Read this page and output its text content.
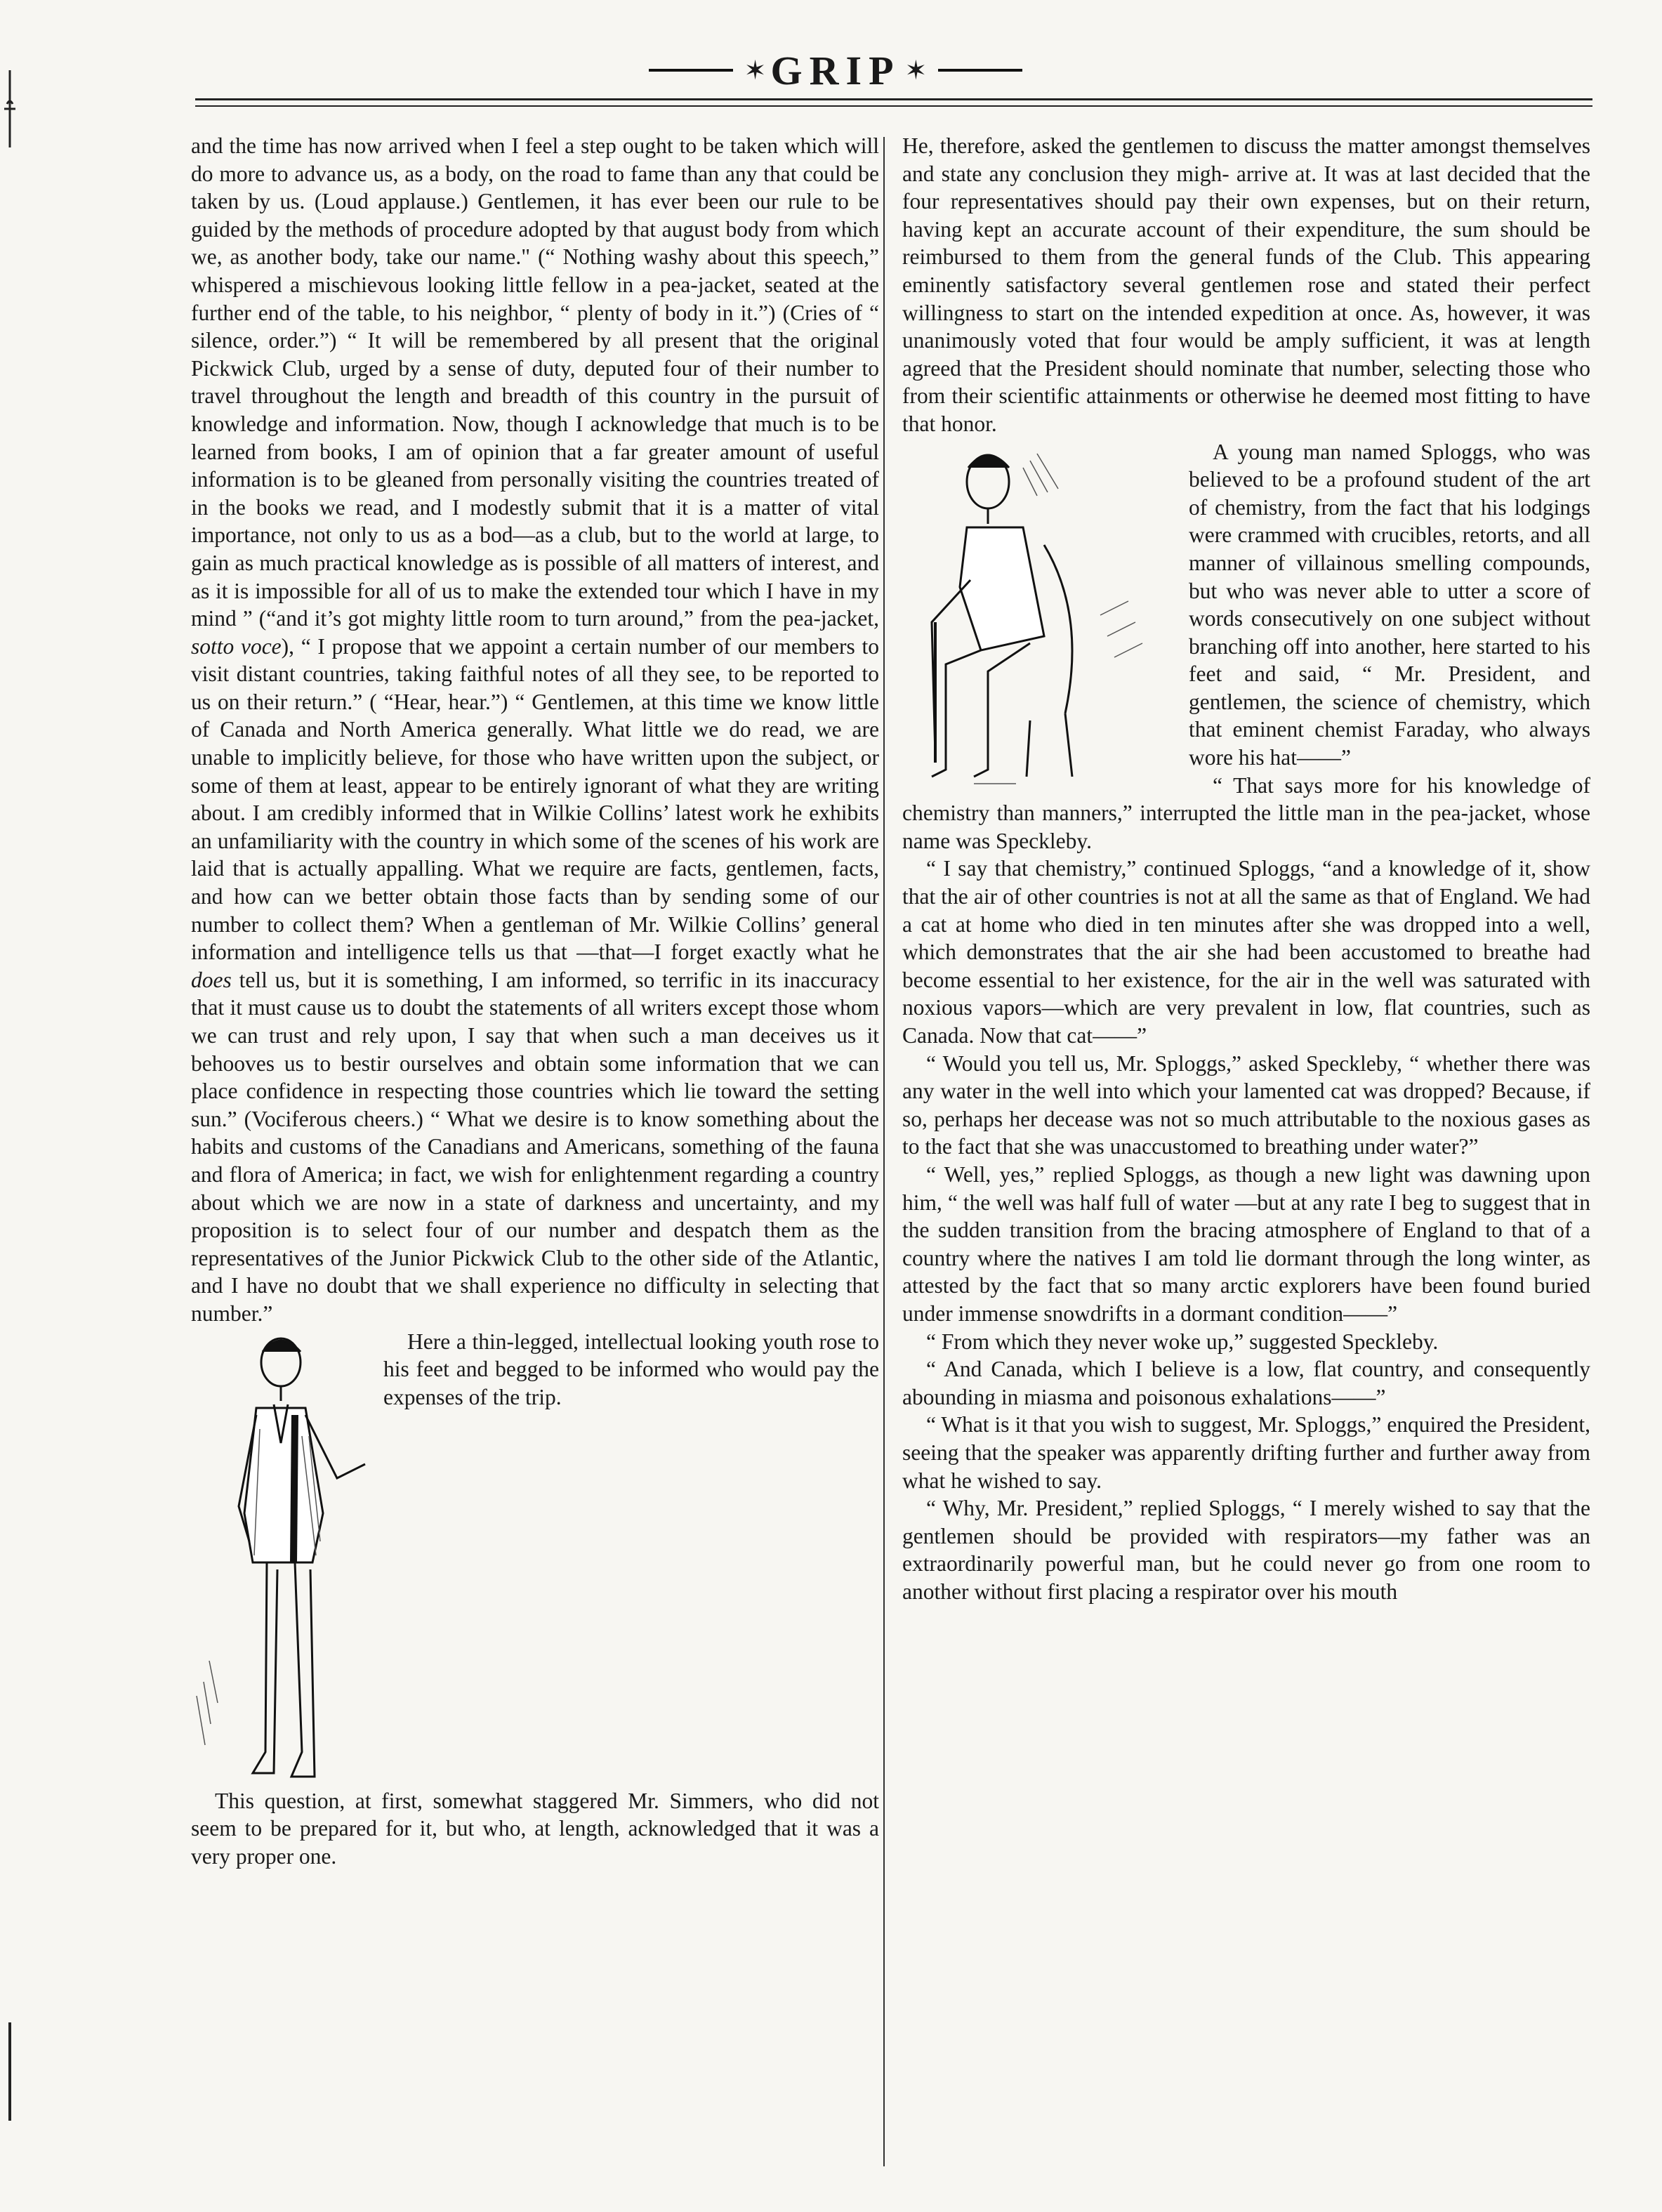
✶ GRIP ✶

and the time has now arrived when I feel a step ought to be taken which will do more to advance us, as a body, on the road to fame than any that could be taken by us. (Loud applause.) Gentlemen, it has ever been our rule to be guided by the methods of procedure adopted by that august body from which we, as another body, take our name." (“ Nothing washy about this speech,” whispered a mischievous looking little fellow in a pea-jacket, seated at the further end of the table, to his neighbor, “ plenty of body in it.”) (Cries of “ silence, order.”) “ It will be remembered by all present that the original Pickwick Club, urged by a sense of duty, deputed four of their number to travel throughout the length and breadth of this country in the pursuit of knowledge and information. Now, though I acknowledge that much is to be learned from books, I am of opinion that a far greater amount of useful information is to be gleaned from personally visiting the countries treated of in the books we read, and I modestly submit that it is a matter of vital importance, not only to us as a bod—as a club, but to the world at large, to gain as much practical knowledge as is possible of all matters of interest, and as it is impossible for all of us to make the extended tour which I have in my mind ” (“and it’s got mighty little room to turn around,” from the pea-jacket, sotto voce), “ I propose that we appoint a certain number of our members to visit distant countries, taking faithful notes of all they see, to be reported to us on their return.” ( “Hear, hear.”) “ Gentlemen, at this time we know little of Canada and North America generally. What little we do read, we are unable to implicitly believe, for those who have written upon the subject, or some of them at least, appear to be entirely ignorant of what they are writing about. I am credibly informed that in Wilkie Collins’ latest work he exhibits an unfamiliarity with the country in which some of the scenes of his work are laid that is actually appalling. What we require are facts, gentlemen, facts, and how can we better obtain those facts than by sending some of our number to collect them? When a gentleman of Mr. Wilkie Collins’ general information and intelligence tells us that —that—I forget exactly what he does tell us, but it is something, I am informed, so terrific in its inaccuracy that it must cause us to doubt the statements of all writers except those whom we can trust and rely upon, I say that when such a man deceives us it behooves us to bestir ourselves and obtain some information that we can place confidence in respecting those countries which lie toward the setting sun.” (Vociferous cheers.) “ What we desire is to know something about the habits and customs of the Canadians and Americans, something of the fauna and flora of America; in fact, we wish for enlightenment regarding a country about which we are now in a state of darkness and uncertainty, and my proposition is to select four of our number and despatch them as the representatives of the Junior Pickwick Club to the other side of the Atlantic, and I have no doubt that we shall experience no difficulty in selecting that number.”

Here a thin-legged, intellectual looking youth rose to his feet and begged to be informed who would pay the expenses of the trip.

This question, at first, somewhat staggered Mr. Simmers, who did not seem to be prepared for it, but who, at length, acknowledged that it was a very proper one.

He, therefore, asked the gentlemen to discuss the matter amongst themselves and state any conclusion they migh- arrive at. It was at last decided that the four representatives should pay their own expenses, but on their return, having kept an accurate account of their expenditure, the sum should be reimbursed to them from the general funds of the Club. This appearing eminently satisfactory several gentlemen rose and stated their perfect willingness to start on the intended expedition at once. As, however, it was unanimously voted that four would be amply sufficient, it was at length agreed that the President should nominate that number, selecting those who from their scientific attainments or otherwise he deemed most fitting to have that honor.

A young man named Sploggs, who was believed to be a profound student of the art of chemistry, from the fact that his lodgings were crammed with crucibles, retorts, and all manner of villainous smelling compounds, but who was never able to utter a score of words consecutively on one subject without branching off into another, here started to his feet and said, “ Mr. President, and gentlemen, the science of chemistry, which that eminent chemist Faraday, who always wore his hat——”

“ That says more for his knowledge of chemistry than manners,” interrupted the little man in the pea-jacket, whose name was Speckleby.

“ I say that chemistry,” continued Sploggs, “and a knowledge of it, show that the air of other countries is not at all the same as that of England. We had a cat at home who died in ten minutes after she was dropped into a well, which demonstrates that the air she had been accustomed to breathe had become essential to her existence, for the air in the well was saturated with noxious vapors—which are very prevalent in low, flat countries, such as Canada. Now that cat——”

“ Would you tell us, Mr. Sploggs,” asked Speckleby, “ whether there was any water in the well into which your lamented cat was dropped? Because, if so, perhaps her decease was not so much attributable to the noxious gases as to the fact that she was unaccustomed to breathing under water?”

“ Well, yes,” replied Sploggs, as though a new light was dawning upon him, “ the well was half full of water —but at any rate I beg to suggest that in the sudden transition from the bracing atmosphere of England to that of a country where the natives I am told lie dormant through the long winter, as attested by the fact that so many arctic explorers have been found buried under immense snowdrifts in a dormant condition——”

“ From which they never woke up,” suggested Speckleby.

“ And Canada, which I believe is a low, flat country, and consequently abounding in miasma and poisonous exhalations——”

“ What is it that you wish to suggest, Mr. Sploggs,” enquired the President, seeing that the speaker was apparently drifting further and further away from what he wished to say.

“ Why, Mr. President,” replied Sploggs, “ I merely wished to say that the gentlemen should be provided with respirators—my father was an extraordinarily powerful man, but he could never go from one room to another without first placing a respirator over his mouth
